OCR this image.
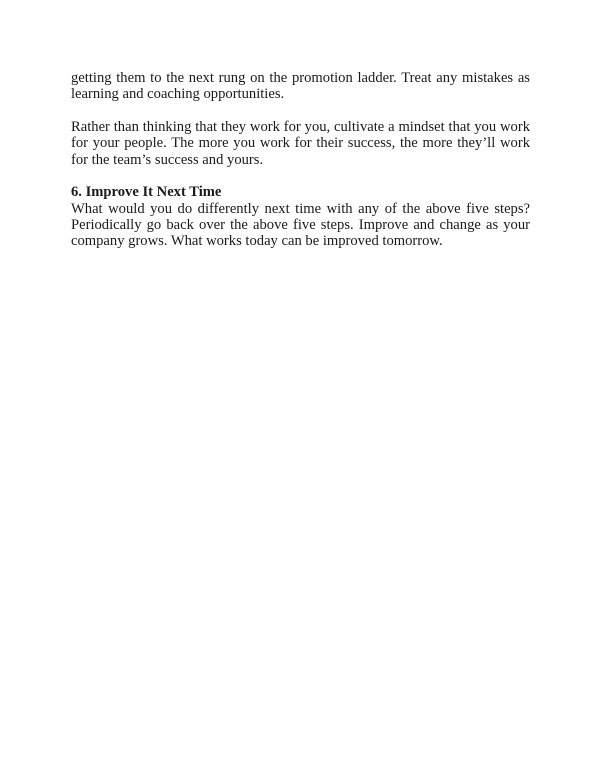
getting them to the next rung on the promotion ladder. Treat any mistakes as learning and coaching opportunities.

Rather than thinking that they work for you, cultivate a mindset that you work for your people. The more you work for their success, the more they’ll work for the team’s success and yours.

6. Improve It Next Time

What would you do differently next time with any of the above five steps? Periodically go back over the above five steps. Improve and change as your company grows. What works today can be improved tomorrow.
